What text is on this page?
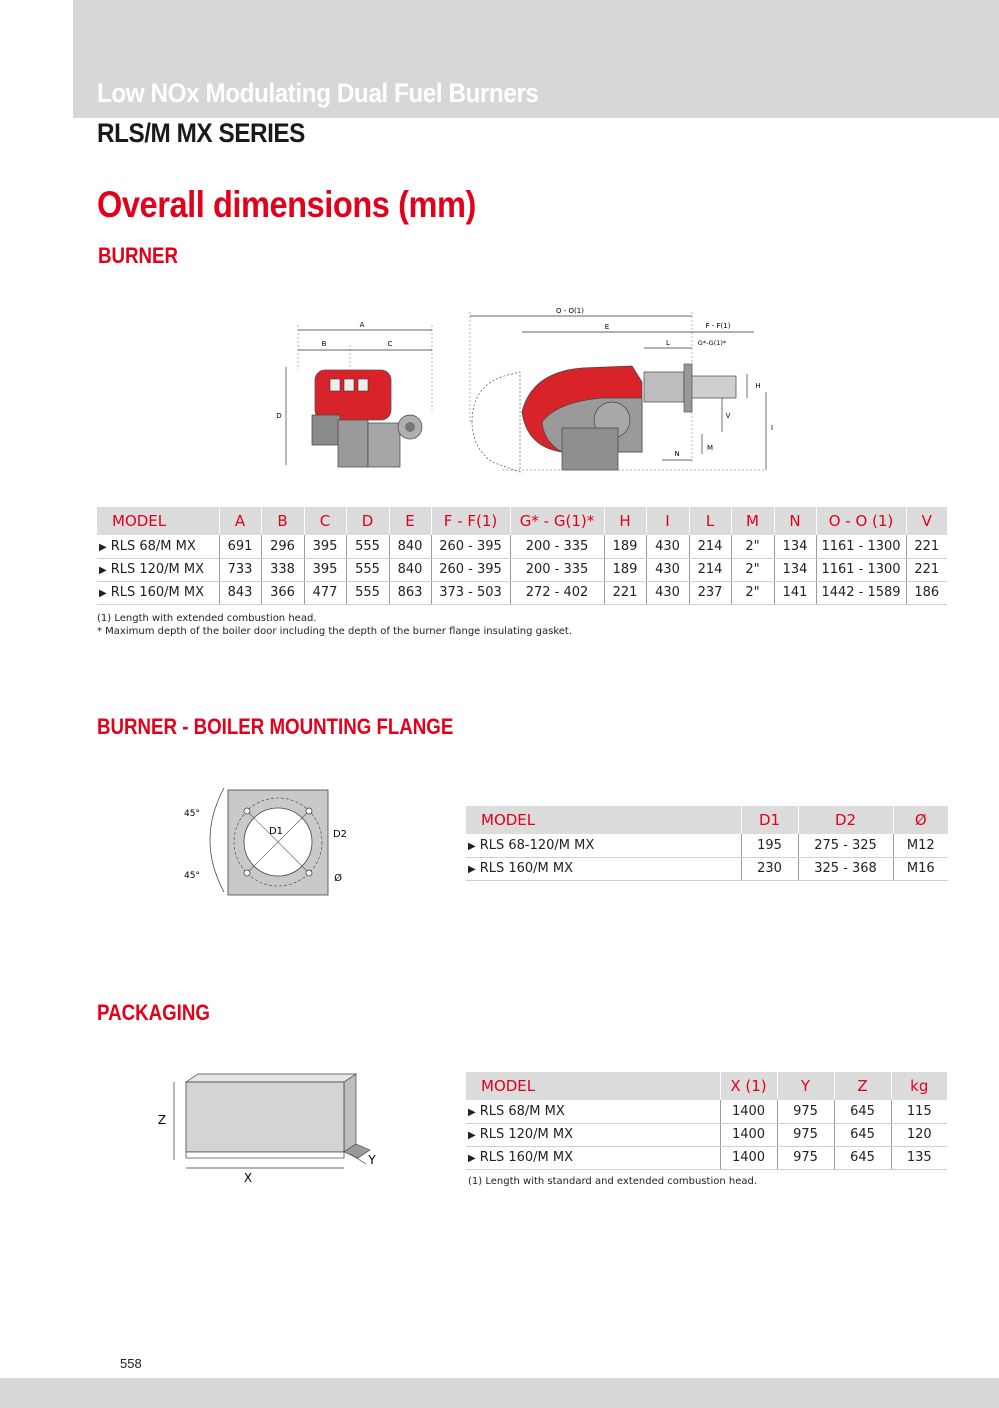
Low NOx Modulating Dual Fuel Burners
RLS/M MX SERIES
Overall dimensions (mm)
BURNER
A
B	C
D
O - O(1)
E	F - F(1)
L	G*-G(1)*
H
V
I
N
M
MODEL	A	B	C	D	E	F - F(1)	G* - G(1)*	H	I	L	M	N	O - O (1)	V
▶ RLS 68/M MX	691	296	395	555	840	260 - 395	200 - 335	189	430	214	2"	134	1161 - 1300	221
▶ RLS 120/M MX	733	338	395	555	840	260 - 395	200 - 335	189	430	214	2"	134	1161 - 1300	221
▶ RLS 160/M MX	843	366	477	555	863	373 - 503	272 - 402	221	430	237	2"	141	1442 - 1589	186
(1) Length with extended combustion head.
* Maximum depth of the boiler door including the depth of the burner flange insulating gasket.
BURNER - BOILER MOUNTING FLANGE
45°
45°
D1	D2
Ø
MODEL	D1	D2	Ø
▶ RLS 68-120/M MX	195	275 - 325	M12
▶ RLS 160/M MX	230	325 - 368	M16
PACKAGING
Z
X
Y
MODEL	X (1)	Y	Z	kg
▶ RLS 68/M MX	1400	975	645	115
▶ RLS 120/M MX	1400	975	645	120
▶ RLS 160/M MX	1400	975	645	135
(1) Length with standard and extended combustion head.
558
